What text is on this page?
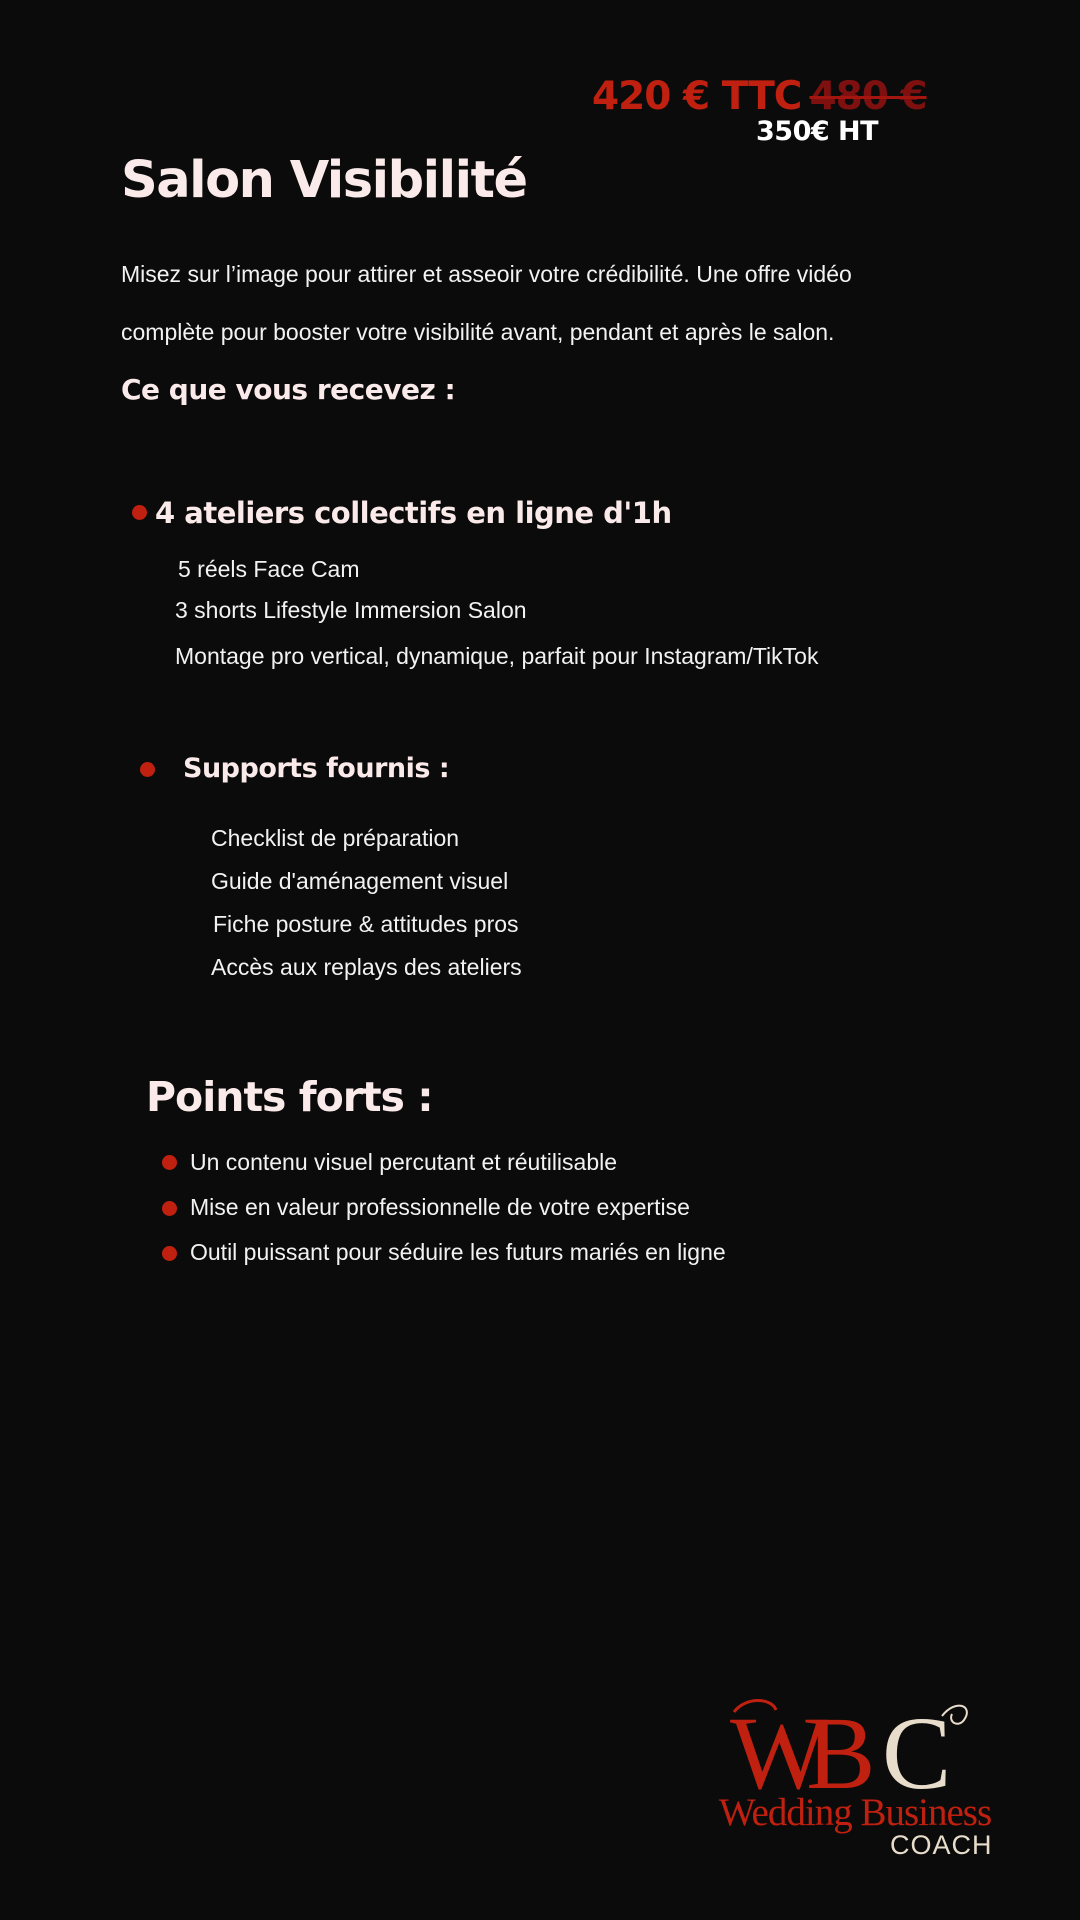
420 € TTC 480 €
350€ HT
Salon Visibilité
Misez sur l’image pour attirer et asseoir votre crédibilité. Une offre vidéo complète pour booster votre visibilité avant, pendant et après le salon.
Ce que vous recevez :
4 ateliers collectifs en ligne d'1h
5 réels Face Cam
3 shorts Lifestyle Immersion Salon
Montage pro vertical, dynamique, parfait pour Instagram/TikTok
Supports fournis :
Checklist de préparation
Guide d'aménagement visuel
Fiche posture & attitudes pros
Accès aux replays des ateliers
Points forts :
Un contenu visuel percutant et réutilisable
Mise en valeur professionnelle de votre expertise
Outil puissant pour séduire les futurs mariés en ligne
WB C
Wedding Business
COACH
